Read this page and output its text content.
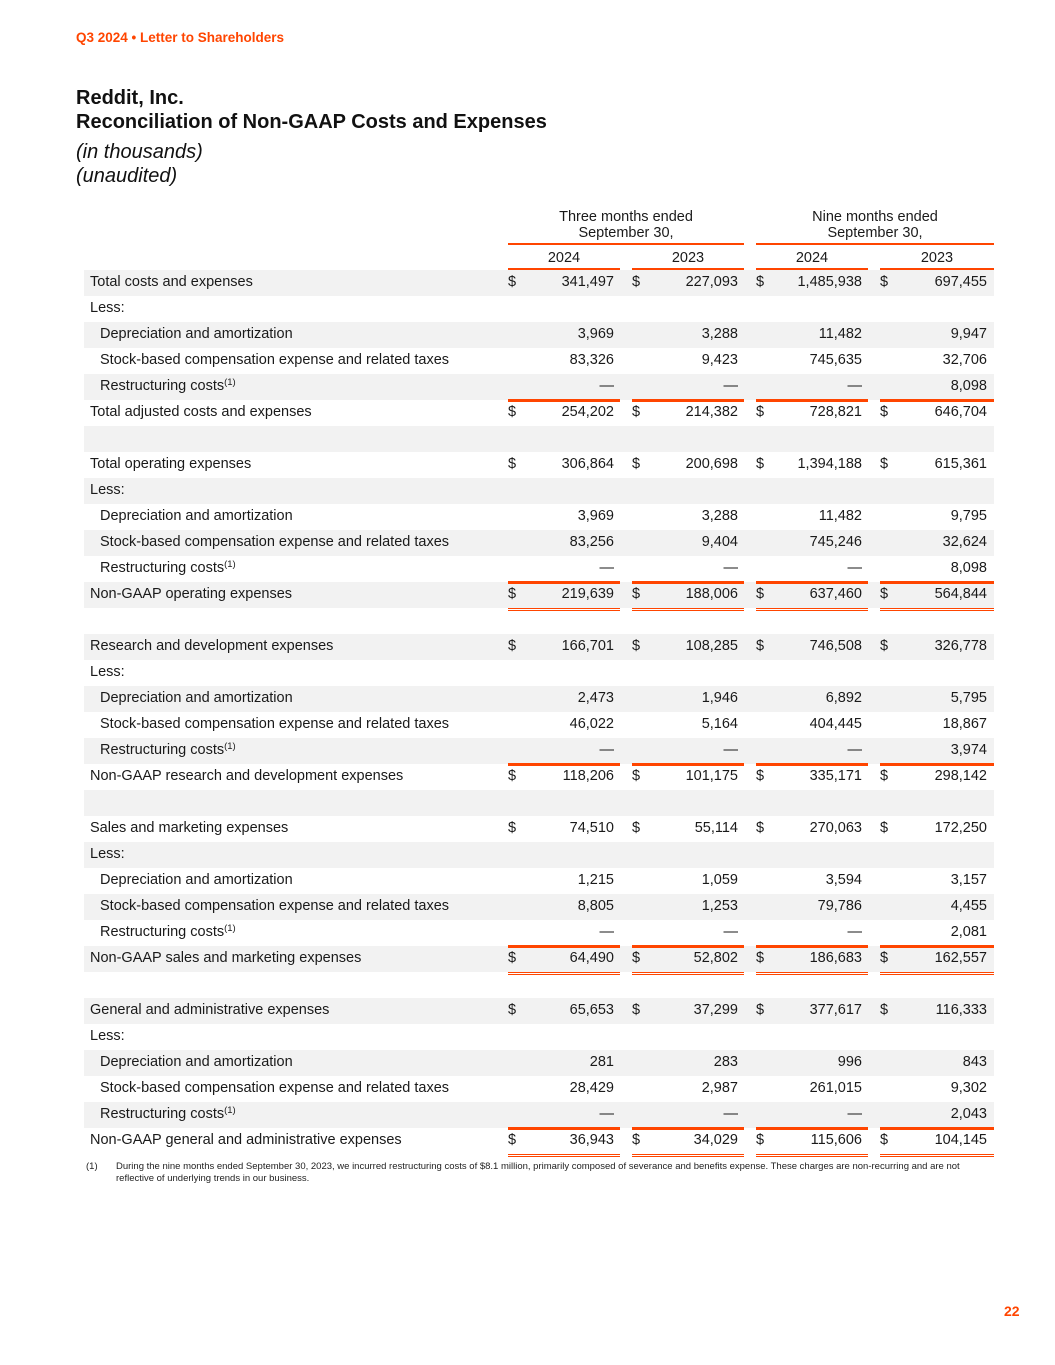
Q3 2024 • Letter to Shareholders
Reddit, Inc.
Reconciliation of Non-GAAP Costs and Expenses
(in thousands)
(unaudited)
Three months ended
September 30,
Nine months ended
September 30,
2024	2023	2024	2023
Total costs and expenses	$	341,497 $	227,093 $	1,485,938 $	697,455
Less:
Depreciation and amortization	3,969	3,288	11,482	9,947
Stock-based compensation expense and related taxes	83,326	9,423	745,635	32,706
Restructuring costs$^{(1)}$	—	—	—	8,098
Total adjusted costs and expenses	$	254,202 $	214,382 $	728,821 $	646,704
Total operating expenses	$	306,864 $	200,698 $	1,394,188 $	615,361
Less:
Depreciation and amortization	3,969	3,288	11,482	9,795
Stock-based compensation expense and related taxes	83,256	9,404	745,246	32,624
Restructuring costs$^{(1)}$	—	—	—	8,098
Non-GAAP operating expenses	$	219,639 $	188,006 $	637,460 $	564,844
Research and development expenses	$	166,701 $	108,285 $	746,508 $	326,778
Less:
Depreciation and amortization	2,473	1,946	6,892	5,795
Stock-based compensation expense and related taxes	46,022	5,164	404,445	18,867
Restructuring costs$^{(1)}$	—	—	—	3,974
Non-GAAP research and development expenses	$	118,206 $	101,175 $	335,171 $	298,142
Sales and marketing expenses	$	74,510 $	55,114 $	270,063 $	172,250
Less:
Depreciation and amortization	1,215	1,059	3,594	3,157
Stock-based compensation expense and related taxes	8,805	1,253	79,786	4,455
Restructuring costs$^{(1)}$	—	—	—	2,081
Non-GAAP sales and marketing expenses	$	64,490 $	52,802 $	186,683 $	162,557
General and administrative expenses	$	65,653 $	37,299 $	377,617 $	116,333
Less:
Depreciation and amortization	281	283	996	843
Stock-based compensation expense and related taxes	28,429	2,987	261,015	9,302
Restructuring costs$^{(1)}$	—	—	—	2,043
Non-GAAP general and administrative expenses	$	36,943 $	34,029 $	115,606 $	104,145
(1) During the nine months ended September 30, 2023, we incurred restructuring costs of $8.1 million, primarily composed of severance and benefits expense. These charges are non-recurring and are not reflective of underlying trends in our business.
22
